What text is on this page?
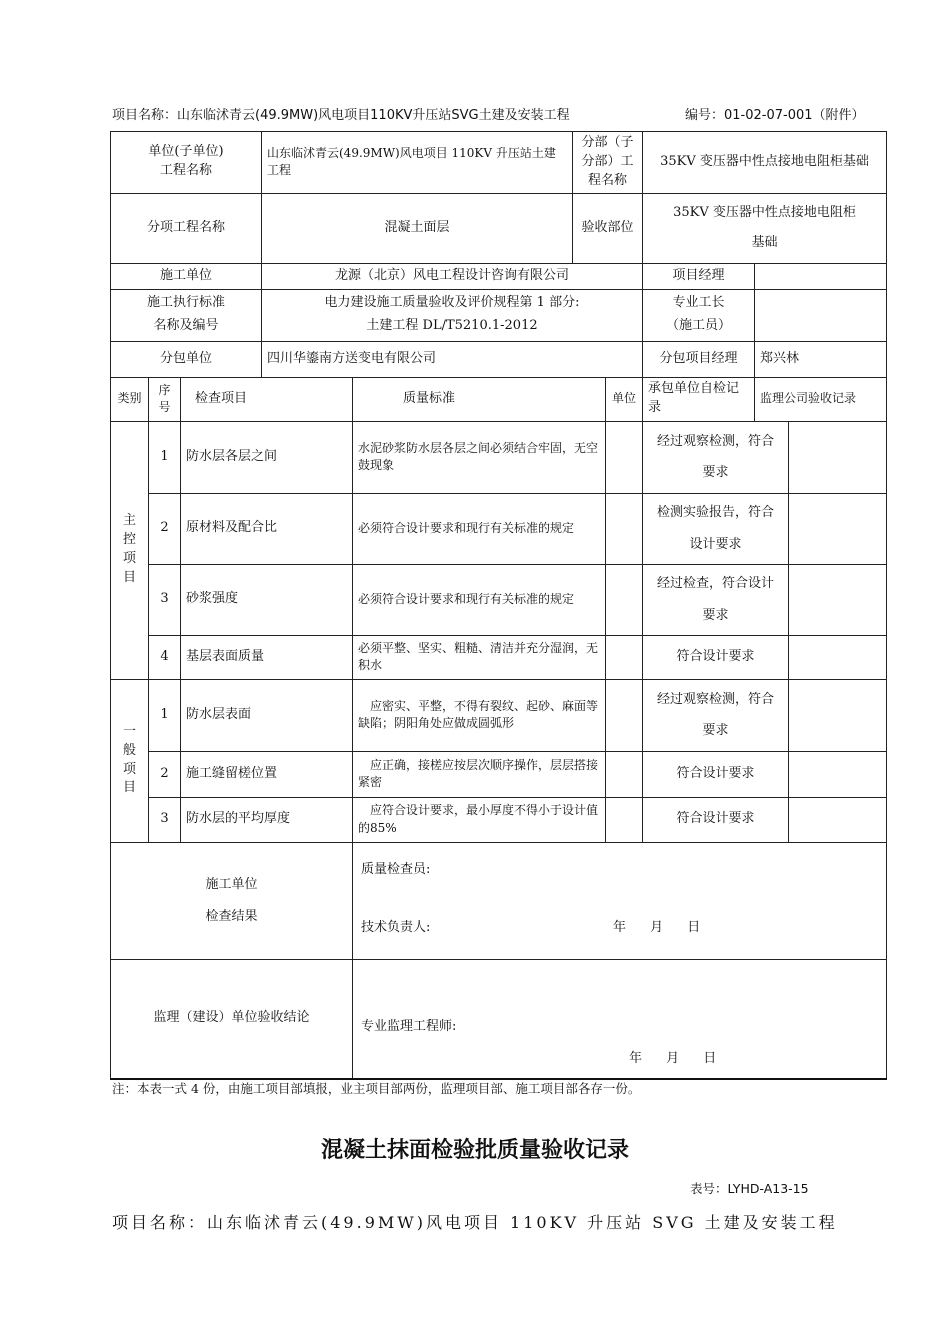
项目名称：山东临沭青云(49.9MW)风电项目110KV升压站SVG土建及安装工程	编号：01-02-07-001（附件）
单位(子单位)
工程名称			山东临沭青云(49.9MW)风电项目 110KV 升压站土建工程		分部（子分部）工程名称		35KV 变压器中性点接地电阻柜基础		
分项工程名称			混凝土面层		验收部位		35KV 变压器中性点接地电阻柜
基础		
施工单位			龙源（北京）风电工程设计咨询有限公司				项目经理		
施工执行标准
名称及编号			电力建设施工质量验收及评价规程第 1 部分:
土建工程 DL/T5210.1-2012				专业工长
（施工员）		
分包单位			四川华鎏南方送变电有限公司				分包项目经理	郑兴林	
类别	序号	检查项目		质量标准		单位	承包单位自检记录	监理公司验收记录	
主
控
项
目	1	防水层各层之间		水泥砂浆防水层各层之间必须结合牢固，无空鼓现象			经过观察检测，符合
要求		
	2	原材料及配合比		必须符合设计要求和现行有关标准的规定			检测实验报告，符合
设计要求		
	3	砂浆强度		必须符合设计要求和现行有关标准的规定			经过检查，符合设计
要求		
	4	基层表面质量		必须平整、坚实、粗糙、清洁并充分湿润，无积水			符合设计要求		
一
般
项
目	1	防水层表面		　应密实、平整，不得有裂纹、起砂、麻面等缺陷；阴阳角处应做成圆弧形			经过观察检测，符合
要求		
	2	施工缝留槎位置		　应正确，接槎应按层次顺序操作，层层搭接紧密			符合设计要求		
	3	防水层的平均厚度		　应符合设计要求，最小厚度不得小于设计值的85%			符合设计要求		
施工单位
检查结果				质量检查员:
技术负责人: 年 月 日					

监理（建设）单位验收结论				专业监理工程师:
年 月 日					
注：本表一式 4 份，由施工项目部填报，业主项目部两份，监理项目部、施工项目部各存一份。
混凝土抹面检验批质量验收记录
表号：LYHD-A13-15
项目名称：山东临沭青云(49.9MW)风电项目 110KV 升压站 SVG 土建及安装工程
